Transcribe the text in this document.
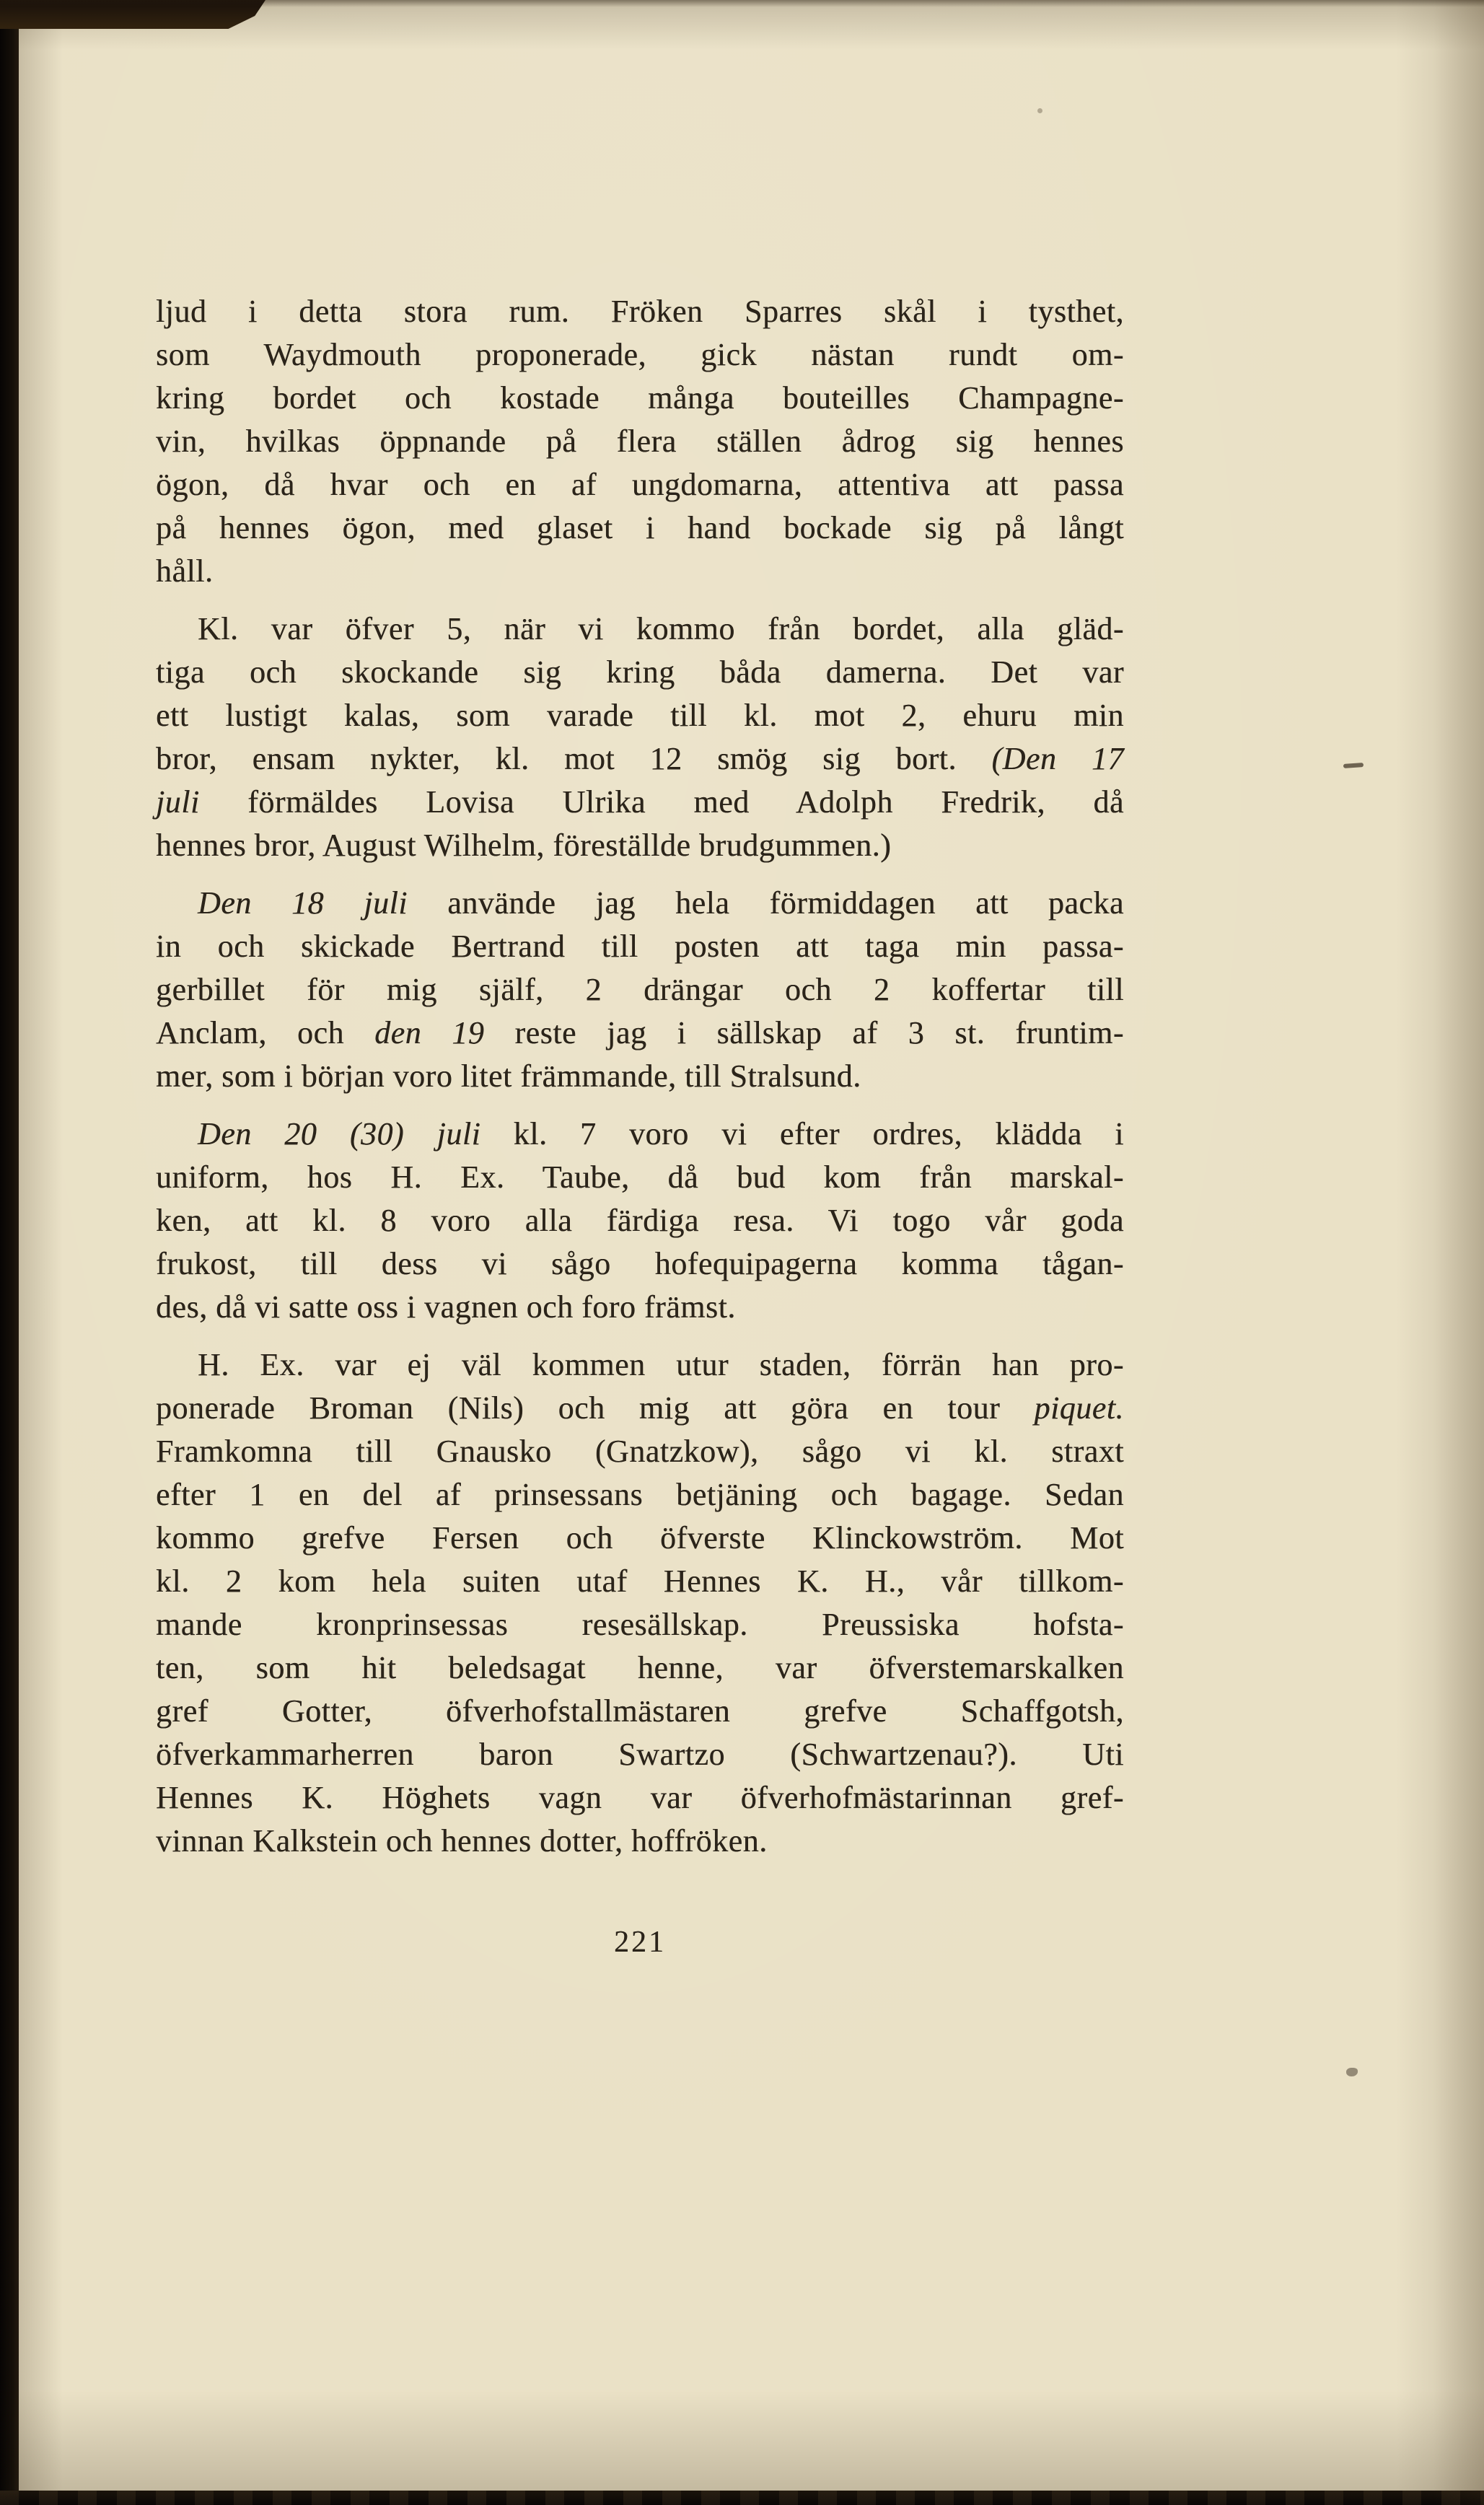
ljud i detta stora rum. Fröken Sparres skål i tysthet,
som Waydmouth proponerade, gick nästan rundt om-
kring bordet och kostade många bouteilles Champagne-
vin, hvilkas öppnande på flera ställen ådrog sig hennes
ögon, då hvar och en af ungdomarna, attentiva att passa
på hennes ögon, med glaset i hand bockade sig på långt
håll.
Kl. var öfver 5, när vi kommo från bordet, alla gläd-
tiga och skockande sig kring båda damerna. Det var
ett lustigt kalas, som varade till kl. mot 2, ehuru min
bror, ensam nykter, kl. mot 12 smög sig bort. (Den 17
juli förmäldes Lovisa Ulrika med Adolph Fredrik, då
hennes bror, August Wilhelm, föreställde brudgummen.)
Den 18 juli använde jag hela förmiddagen att packa
in och skickade Bertrand till posten att taga min passa-
gerbillet för mig själf, 2 drängar och 2 koffertar till
Anclam, och den 19 reste jag i sällskap af 3 st. fruntim-
mer, som i början voro litet främmande, till Stralsund.
Den 20 (30) juli kl. 7 voro vi efter ordres, klädda i
uniform, hos H. Ex. Taube, då bud kom från marskal-
ken, att kl. 8 voro alla färdiga resa. Vi togo vår goda
frukost, till dess vi sågo hofequipagerna komma tågan-
des, då vi satte oss i vagnen och foro främst.
H. Ex. var ej väl kommen utur staden, förrän han pro-
ponerade Broman (Nils) och mig att göra en tour piquet.
Framkomna till Gnausko (Gnatzkow), sågo vi kl. straxt
efter 1 en del af prinsessans betjäning och bagage. Sedan
kommo grefve Fersen och öfverste Klinckowström. Mot
kl. 2 kom hela suiten utaf Hennes K. H., vår tillkom-
mande kronprinsessas resesällskap. Preussiska hofsta-
ten, som hit beledsagat henne, var öfverstemarskalken
gref Gotter, öfverhofstallmästaren grefve Schaffgotsh,
öfverkammarherren baron Swartzo (Schwartzenau?). Uti
Hennes K. Höghets vagn var öfverhofmästarinnan gref-
vinnan Kalkstein och hennes dotter, hoffröken.
221
